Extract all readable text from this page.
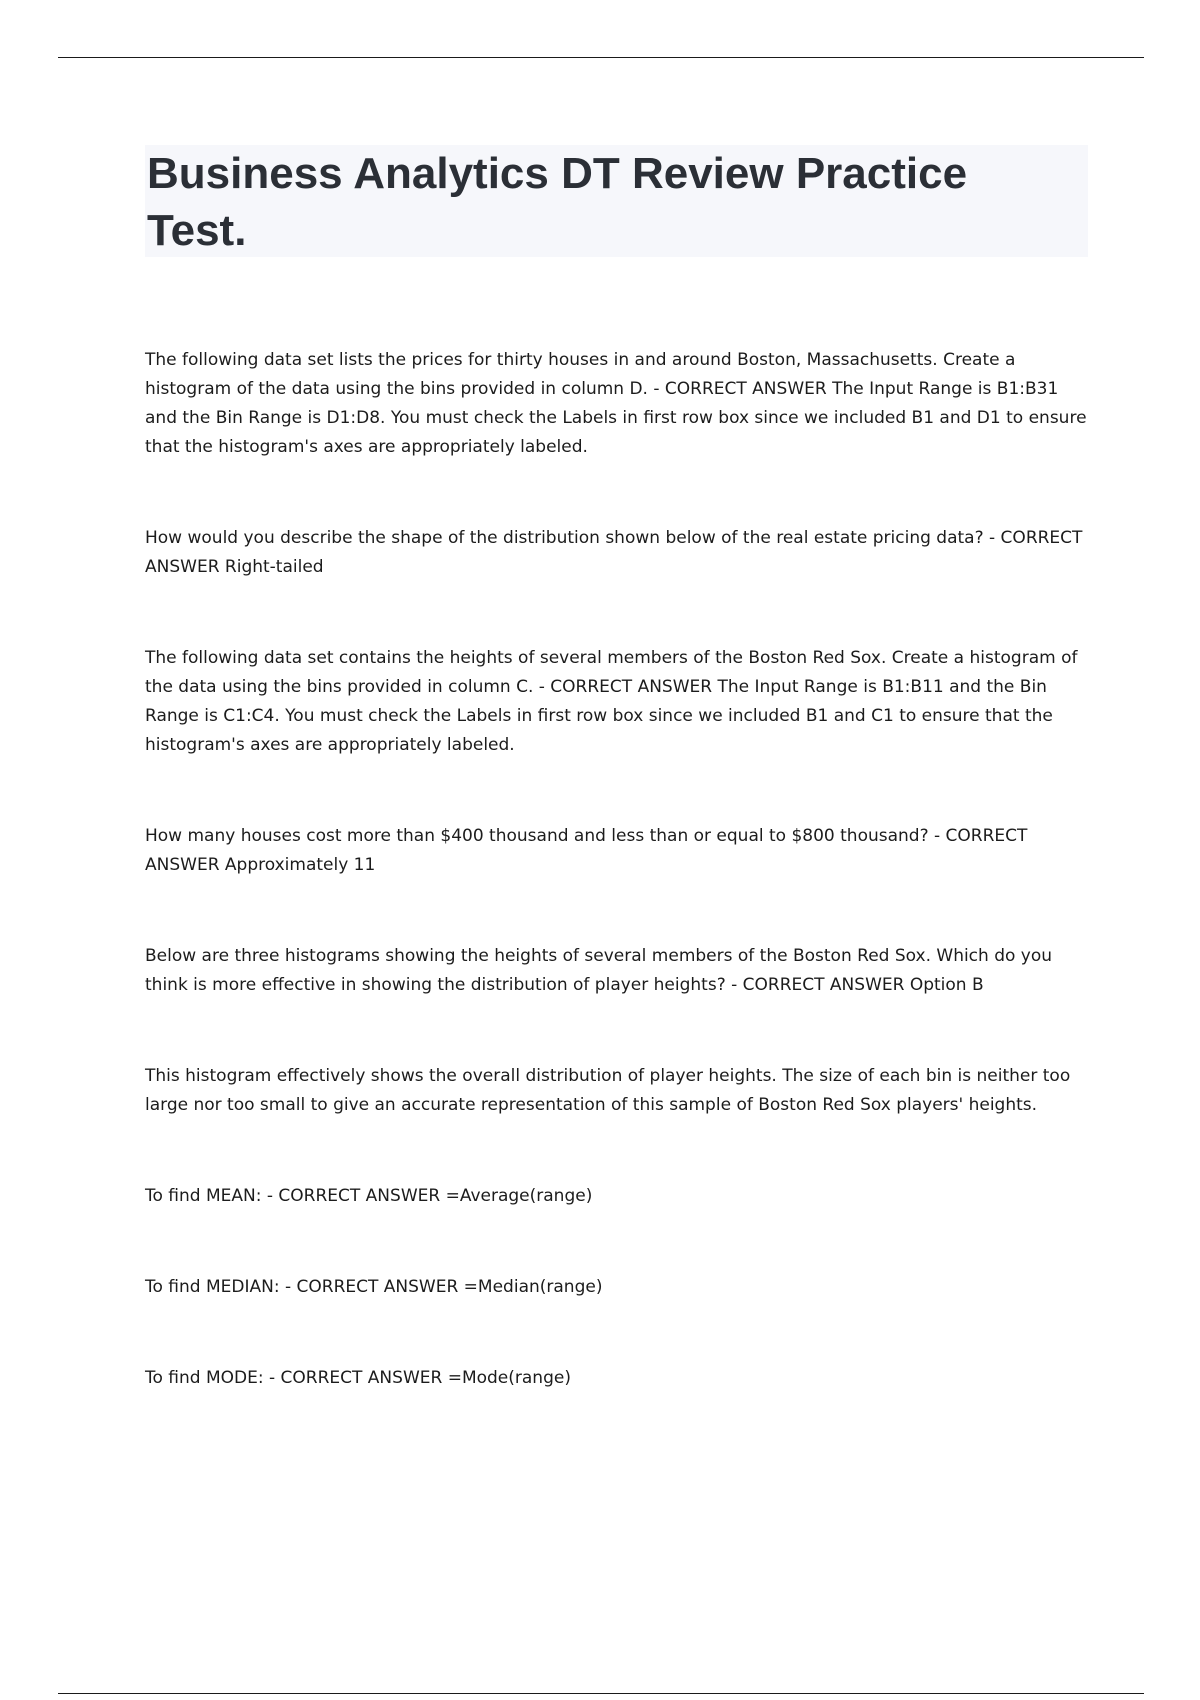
Business Analytics DT Review Practice Test.

The following data set lists the prices for thirty houses in and around Boston, Massachusetts. Create a histogram of the data using the bins provided in column D. - CORRECT ANSWER The Input Range is B1:B31 and the Bin Range is D1:D8. You must check the Labels in first row box since we included B1 and D1 to ensure that the histogram's axes are appropriately labeled.

How would you describe the shape of the distribution shown below of the real estate pricing data? - CORRECT ANSWER Right-tailed

The following data set contains the heights of several members of the Boston Red Sox. Create a histogram of the data using the bins provided in column C. - CORRECT ANSWER The Input Range is B1:B11 and the Bin Range is C1:C4. You must check the Labels in first row box since we included B1 and C1 to ensure that the histogram's axes are appropriately labeled.

How many houses cost more than $400 thousand and less than or equal to $800 thousand? - CORRECT ANSWER Approximately 11

Below are three histograms showing the heights of several members of the Boston Red Sox. Which do you think is more effective in showing the distribution of player heights? - CORRECT ANSWER Option B

This histogram effectively shows the overall distribution of player heights. The size of each bin is neither too large nor too small to give an accurate representation of this sample of Boston Red Sox players' heights.

To find MEAN: - CORRECT ANSWER =Average(range)

To find MEDIAN: - CORRECT ANSWER =Median(range)

To find MODE: - CORRECT ANSWER =Mode(range)
